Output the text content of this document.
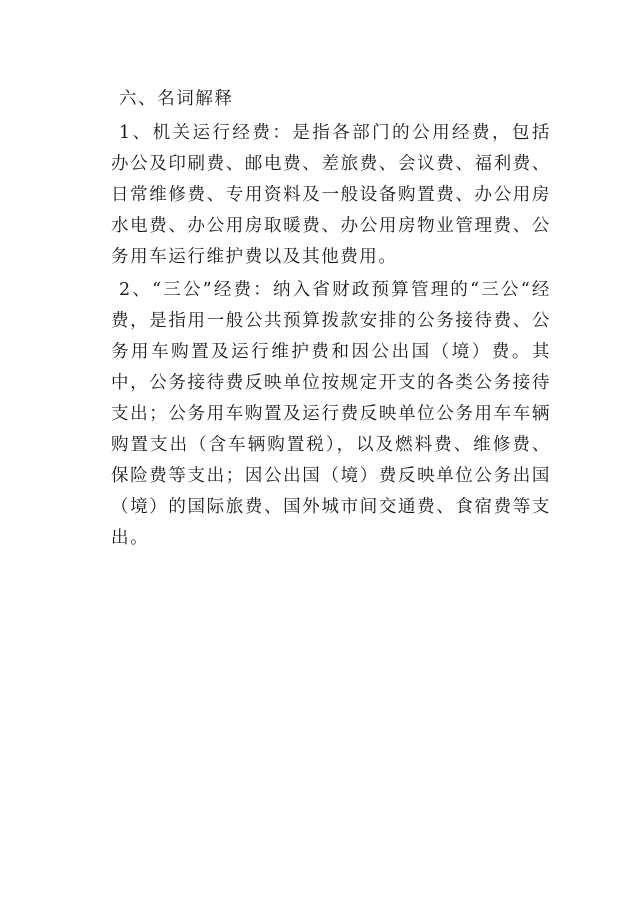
六、名词解释

1、机关运行经费：是指各部门的公用经费，包括办公及印刷费、邮电费、差旅费、会议费、福利费、日常维修费、专用资料及一般设备购置费、办公用房水电费、办公用房取暖费、办公用房物业管理费、公务用车运行维护费以及其他费用。

2、“三公”经费：纳入省财政预算管理的“三公“经费，是指用一般公共预算拨款安排的公务接待费、公务用车购置及运行维护费和因公出国（境）费。其中，公务接待费反映单位按规定开支的各类公务接待支出；公务用车购置及运行费反映单位公务用车车辆购置支出（含车辆购置税），以及燃料费、维修费、保险费等支出；因公出国（境）费反映单位公务出国（境）的国际旅费、国外城市间交通费、食宿费等支出。
